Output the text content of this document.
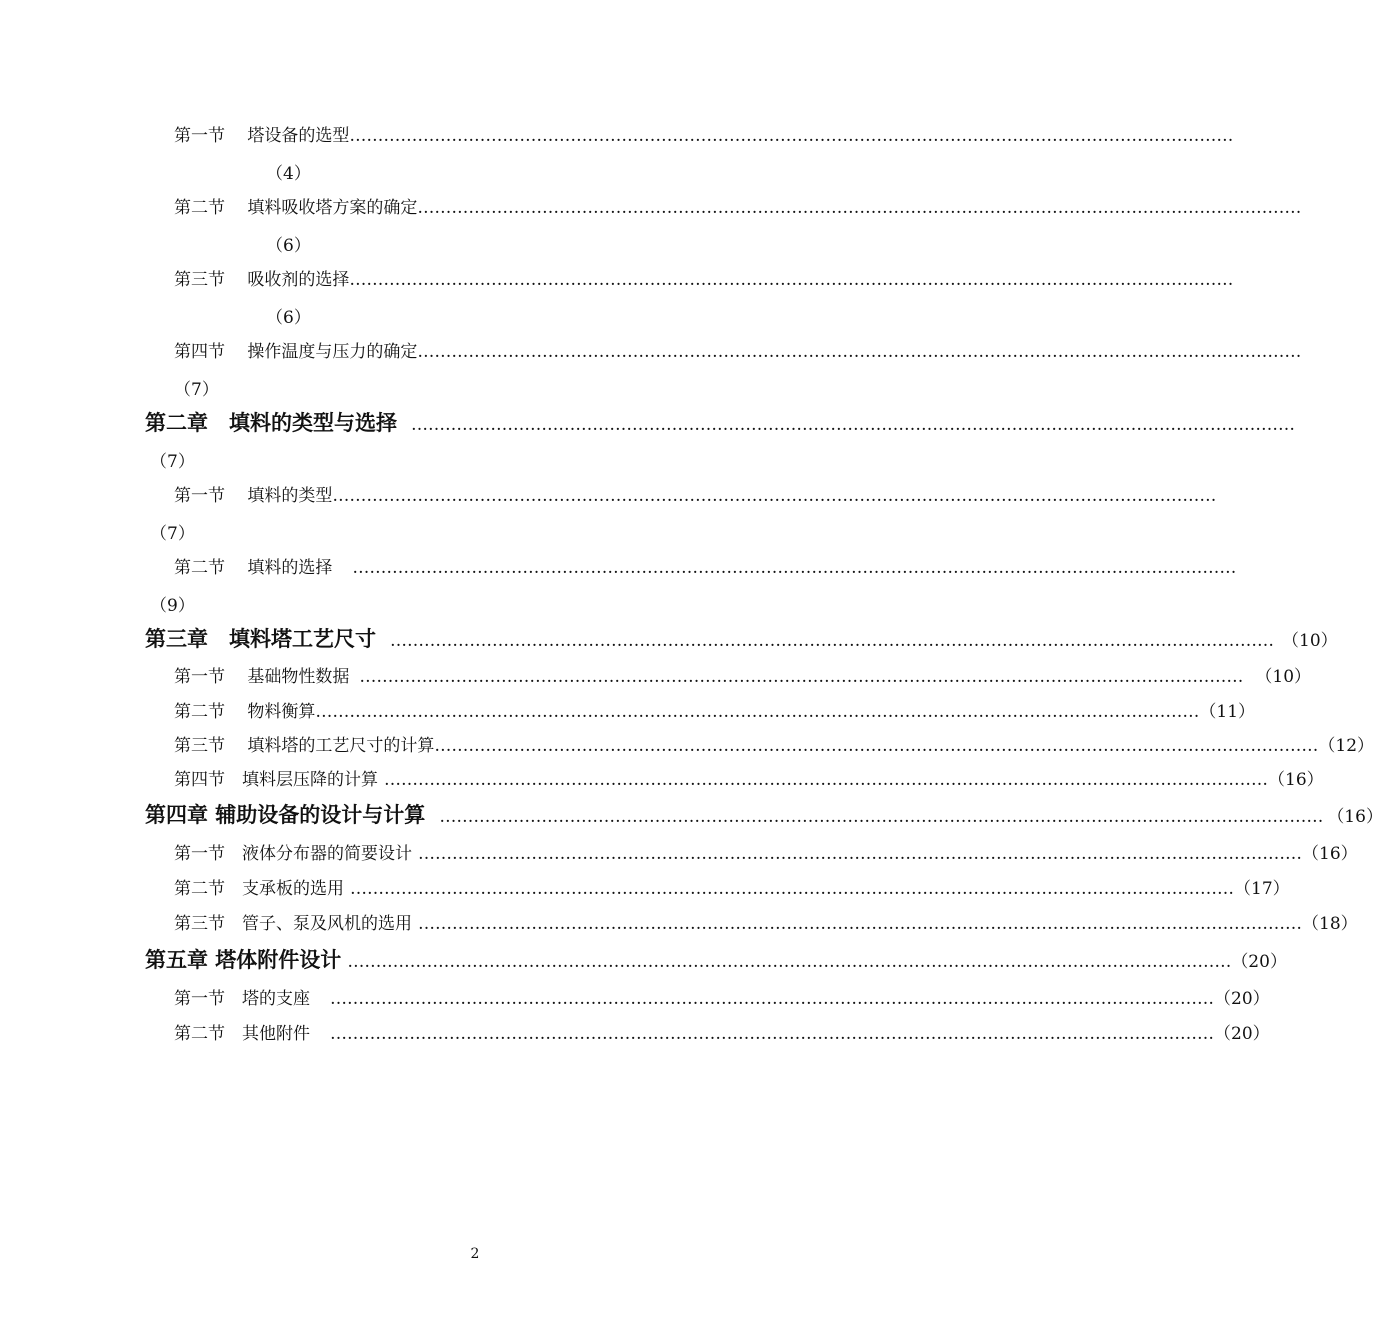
第一节　 塔设备的选型 …………………………………………………………………………………………………………………………………………
（4）
第二节　 填料吸收塔方案的确定 …………………………………………………………………………………………………………………………………………
（6）
第三节　 吸收剂的选择 …………………………………………………………………………………………………………………………………………
（6）
第四节　 操作温度与压力的确定 …………………………………………………………………………………………………………………………………………
（7）
第二章　填料的类型与选择 …………………………………………………………………………………………………………………………………………
（7）
第一节　 填料的类型 …………………………………………………………………………………………………………………………………………
（7）
第二节　 填料的选择 …………………………………………………………………………………………………………………………………………
（9）
第三章　填料塔工艺尺寸 ………………………………………………………………………………………………………………………………………… （10）
第一节　 基础物性数据 ………………………………………………………………………………………………………………………………………… （10）
第二节　 物料衡算 ………………………………………………………………………………………………………………………………………… （11）
第三节　 填料塔的工艺尺寸的计算 ………………………………………………………………………………………………………………………………………… （12）
第四节　填料层压降的计算 ………………………………………………………………………………………………………………………………………… （16）
第四章 辅助设备的设计与计算 ………………………………………………………………………………………………………………………………………… （16）
第一节　液体分布器的简要设计 ………………………………………………………………………………………………………………………………………… （16）
第二节　支承板的选用 ………………………………………………………………………………………………………………………………………… （17）
第三节　管子、泵及风机的选用 ………………………………………………………………………………………………………………………………………… （18）
第五章 塔体附件设计 ………………………………………………………………………………………………………………………………………… （20）
第一节　塔的支座 ………………………………………………………………………………………………………………………………………… （20）
第二节　其他附件 ………………………………………………………………………………………………………………………………………… （20）
2
